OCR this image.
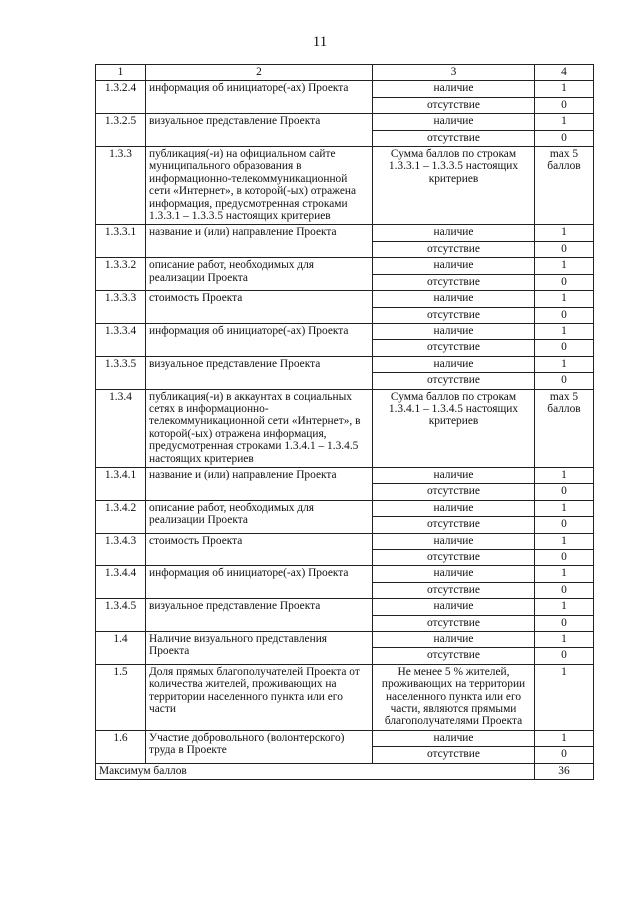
11
1	2	3	4
1.3.2.4	информация об инициаторе(-ах) Проекта	наличие	1
		отсутствие	0
1.3.2.5	визуальное представление Проекта	наличие	1
		отсутствие	0
1.3.3	публикация(-и) на официальном сайте муниципального образования в информационно-телекоммуникационной сети «Интернет», в которой(-ых) отражена информация, предусмотренная строками 1.3.3.1 – 1.3.3.5 настоящих критериев	Сумма баллов по строкам 1.3.3.1 – 1.3.3.5 настоящих критериев	max 5 баллов
1.3.3.1	название и (или) направление Проекта	наличие	1
		отсутствие	0
1.3.3.2	описание работ, необходимых для реализации Проекта	наличие	1
		отсутствие	0
1.3.3.3	стоимость Проекта	наличие	1
		отсутствие	0
1.3.3.4	информация об инициаторе(-ах) Проекта	наличие	1
		отсутствие	0
1.3.3.5	визуальное представление Проекта	наличие	1
		отсутствие	0
1.3.4	публикация(-и) в аккаунтах в социальных сетях в информационно-телекоммуникационной сети «Интернет», в которой(-ых) отражена информация, предусмотренная строками 1.3.4.1 – 1.3.4.5 настоящих критериев	Сумма баллов по строкам 1.3.4.1 – 1.3.4.5 настоящих критериев	max 5 баллов
1.3.4.1	название и (или) направление Проекта	наличие	1
		отсутствие	0
1.3.4.2	описание работ, необходимых для реализации Проекта	наличие	1
		отсутствие	0
1.3.4.3	стоимость Проекта	наличие	1
		отсутствие	0
1.3.4.4	информация об инициаторе(-ах) Проекта	наличие	1
		отсутствие	0
1.3.4.5	визуальное представление Проекта	наличие	1
		отсутствие	0
1.4	Наличие визуального представления Проекта	наличие	1
		отсутствие	0
1.5	Доля прямых благополучателей Проекта от количества жителей, проживающих на территории населенного пункта или его части	Не менее 5 % жителей, проживающих на территории населенного пункта или его части, являются прямыми благополучателями Проекта	1
1.6	Участие добровольного (волонтерского) труда в Проекте	наличие	1
		отсутствие	0
Максимум баллов			36
